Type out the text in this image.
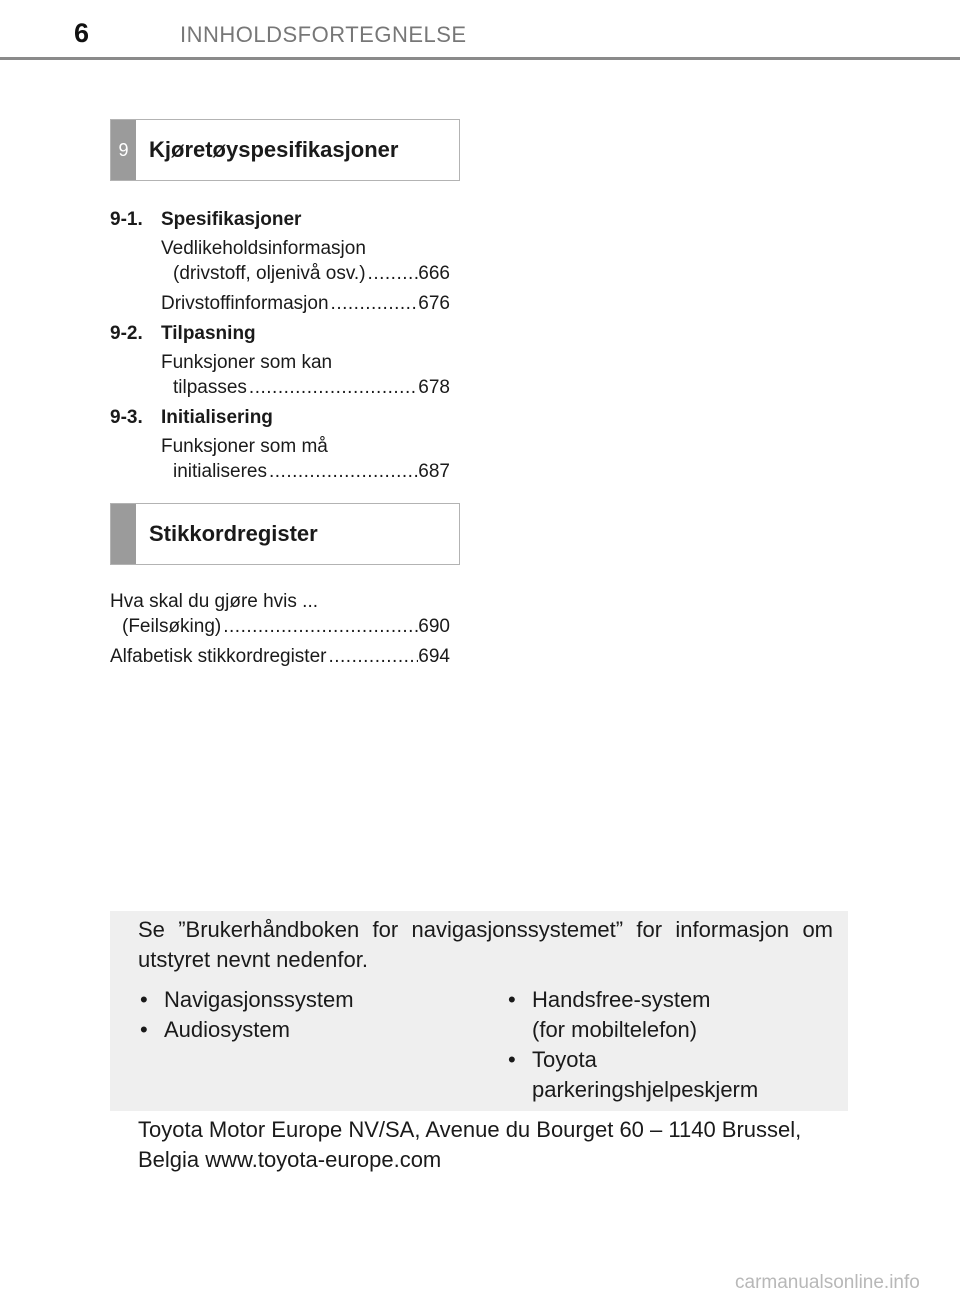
6	INNHOLDSFORTEGNELSE
9 Kjøretøyspesifikasjoner
9-1. Spesifikasjoner
Vedlikeholdsinformasjon
(drivstoff, oljenivå osv.) .....	666
Drivstoffinformasjon .....	676
9-2. Tilpasning
Funksjoner som kan
tilpasses .....	678
9-3. Initialisering
Funksjoner som må
initialiseres .....	687
Stikkordregister
Hva skal du gjøre hvis ...
(Feilsøking) .....	690
Alfabetisk stikkordregister .....	694
Se ”Brukerhåndboken for navigasjonssystemet” for informasjon om utstyret nevnt nedenfor.
• Navigasjonssystem
• Audiosystem
• Handsfree-system
(for mobiltelefon)
• Toyota
parkeringshjelpeskjerm
Toyota Motor Europe NV/SA, Avenue du Bourget 60 – 1140 Brussel,
Belgia www.toyota-europe.com
carmanualsonline.info
